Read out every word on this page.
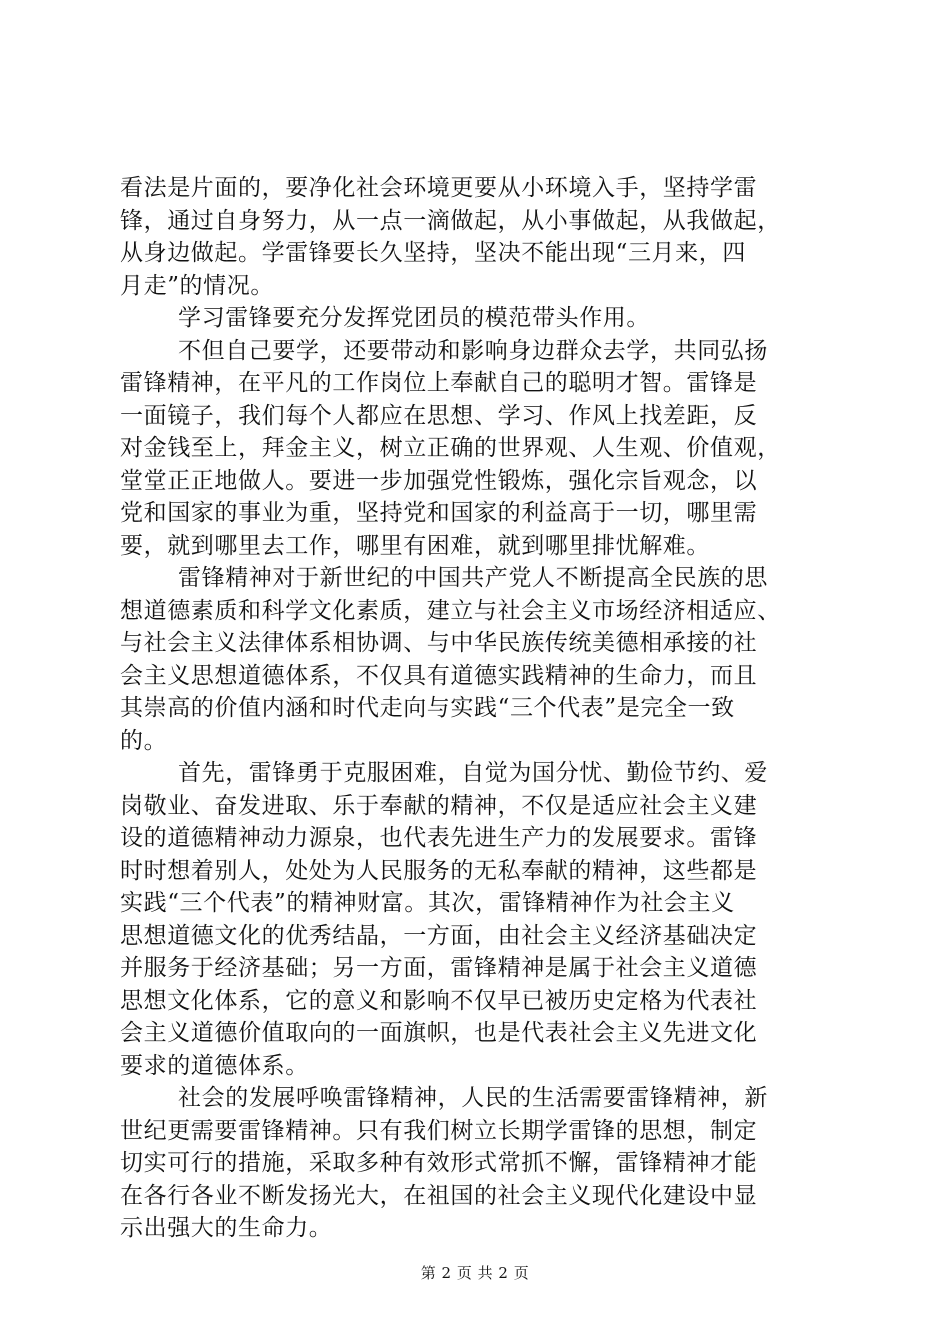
看法是片面的，要净化社会环境更要从小环境入手，坚持学雷
锋，通过自身努力，从一点一滴做起，从小事做起，从我做起，
从身边做起。学雷锋要长久坚持，坚决不能出现“三月来，四
月走”的情况。
学习雷锋要充分发挥党团员的模范带头作用。
不但自己要学，还要带动和影响身边群众去学，共同弘扬
雷锋精神，在平凡的工作岗位上奉献自己的聪明才智。雷锋是
一面镜子，我们每个人都应在思想、学习、作风上找差距，反
对金钱至上，拜金主义，树立正确的世界观、人生观、价值观，
堂堂正正地做人。要进一步加强党性锻炼，强化宗旨观念，以
党和国家的事业为重，坚持党和国家的利益高于一切，哪里需
要，就到哪里去工作，哪里有困难，就到哪里排忧解难。
雷锋精神对于新世纪的中国共产党人不断提高全民族的思
想道德素质和科学文化素质，建立与社会主义市场经济相适应、
与社会主义法律体系相协调、与中华民族传统美德相承接的社
会主义思想道德体系，不仅具有道德实践精神的生命力，而且
其崇高的价值内涵和时代走向与实践“三个代表”是完全一致
的。
首先，雷锋勇于克服困难，自觉为国分忧、勤俭节约、爱
岗敬业、奋发进取、乐于奉献的精神，不仅是适应社会主义建
设的道德精神动力源泉，也代表先进生产力的发展要求。雷锋
时时想着别人，处处为人民服务的无私奉献的精神，这些都是
实践“三个代表”的精神财富。其次，雷锋精神作为社会主义
思想道德文化的优秀结晶，一方面，由社会主义经济基础决定
并服务于经济基础；另一方面，雷锋精神是属于社会主义道德
思想文化体系，它的意义和影响不仅早已被历史定格为代表社
会主义道德价值取向的一面旗帜，也是代表社会主义先进文化
要求的道德体系。
社会的发展呼唤雷锋精神，人民的生活需要雷锋精神，新
世纪更需要雷锋精神。只有我们树立长期学雷锋的思想，制定
切实可行的措施，采取多种有效形式常抓不懈，雷锋精神才能
在各行各业不断发扬光大，在祖国的社会主义现代化建设中显
示出强大的生命力。
第 2 页 共 2 页
